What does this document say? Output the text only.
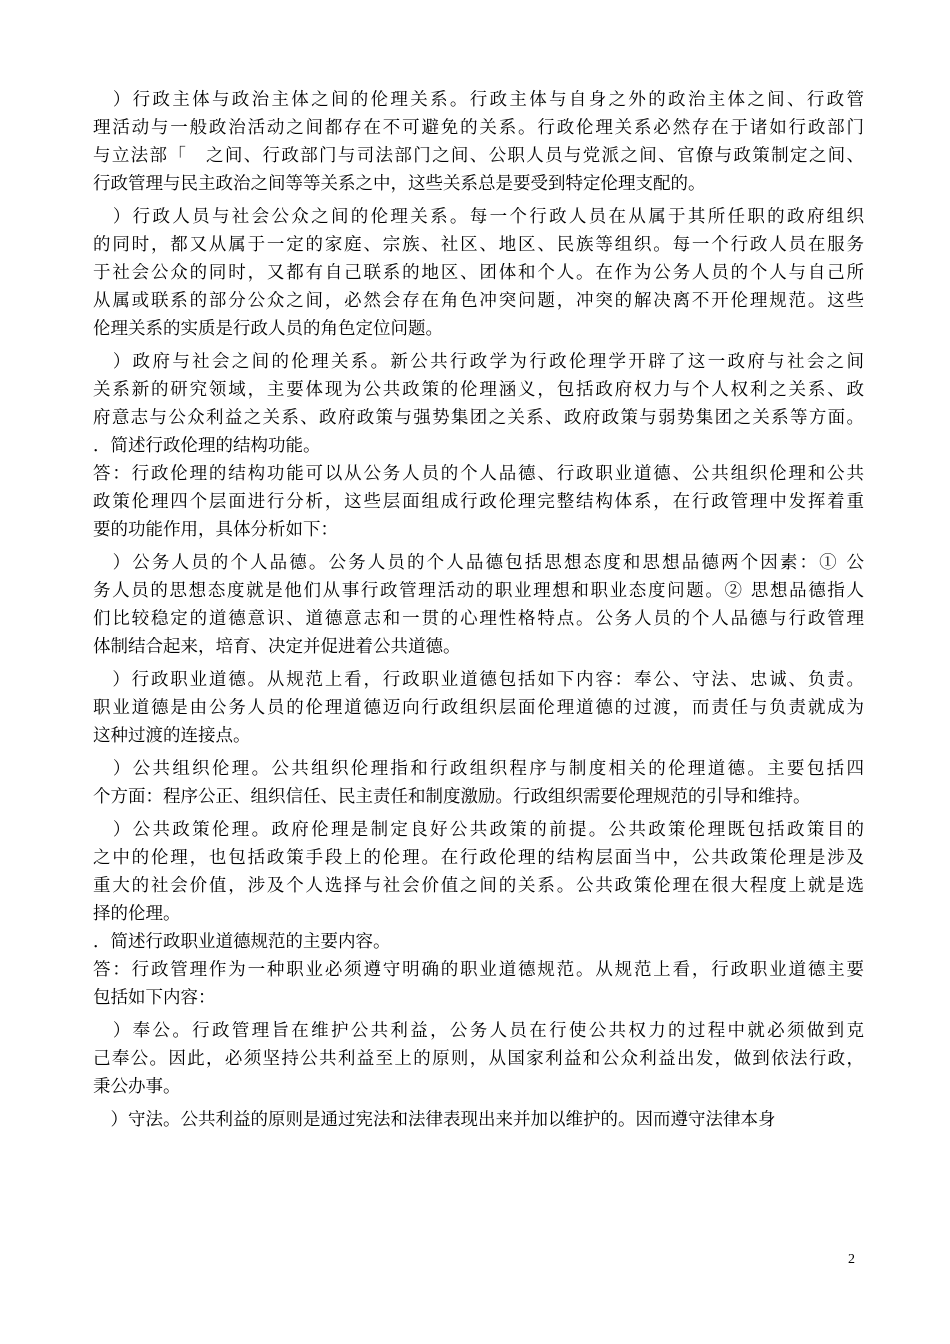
　）行政主体与政治主体之间的伦理关系。行政主体与自身之外的政治主体之间、行政管
理活动与一般政治活动之间都存在不可避免的关系。行政伦理关系必然存在于诸如行政部门
与立法部「　之间、行政部门与司法部门之间、公职人员与党派之间、官僚与政策制定之间、
行政管理与民主政治之间等等关系之中，这些关系总是要受到特定伦理支配的。
　）行政人员与社会公众之间的伦理关系。每一个行政人员在从属于其所任职的政府组织
的同时，都又从属于一定的家庭、宗族、社区、地区、民族等组织。每一个行政人员在服务
于社会公众的同时，又都有自己联系的地区、团体和个人。在作为公务人员的个人与自己所
从属或联系的部分公众之间，必然会存在角色冲突问题，冲突的解决离不开伦理规范。这些
伦理关系的实质是行政人员的角色定位问题。
　）政府与社会之间的伦理关系。新公共行政学为行政伦理学开辟了这一政府与社会之间
关系新的研究领域，主要体现为公共政策的伦理涵义，包括政府权力与个人权利之关系、政
府意志与公众利益之关系、政府政策与强势集团之关系、政府政策与弱势集团之关系等方面。
．简述行政伦理的结构功能。
答：行政伦理的结构功能可以从公务人员的个人品德、行政职业道德、公共组织伦理和公共
政策伦理四个层面进行分析，这些层面组成行政伦理完整结构体系，在行政管理中发挥着重
要的功能作用，具体分析如下：
　）公务人员的个人品德。公务人员的个人品德包括思想态度和思想品德两个因素：① 公
务人员的思想态度就是他们从事行政管理活动的职业理想和职业态度问题。② 思想品德指人
们比较稳定的道德意识、道德意志和一贯的心理性格特点。公务人员的个人品德与行政管理
体制结合起来，培育、决定并促进着公共道德。
　）行政职业道德。从规范上看，行政职业道德包括如下内容：奉公、守法、忠诚、负责。
职业道德是由公务人员的伦理道德迈向行政组织层面伦理道德的过渡，而责任与负责就成为
这种过渡的连接点。
　）公共组织伦理。公共组织伦理指和行政组织程序与制度相关的伦理道德。主要包括四
个方面：程序公正、组织信任、民主责任和制度激励。行政组织需要伦理规范的引导和维持。
　）公共政策伦理。政府伦理是制定良好公共政策的前提。公共政策伦理既包括政策目的
之中的伦理，也包括政策手段上的伦理。在行政伦理的结构层面当中，公共政策伦理是涉及
重大的社会价值，涉及个人选择与社会价值之间的关系。公共政策伦理在很大程度上就是选
择的伦理。
．简述行政职业道德规范的主要内容。
答：行政管理作为一种职业必须遵守明确的职业道德规范。从规范上看，行政职业道德主要
包括如下内容：
　）奉公。行政管理旨在维护公共利益，公务人员在行使公共权力的过程中就必须做到克
己奉公。因此，必须坚持公共利益至上的原则，从国家利益和公众利益出发，做到依法行政，
秉公办事。
　）守法。公共利益的原则是通过宪法和法律表现出来并加以维护的。因而遵守法律本身
2
